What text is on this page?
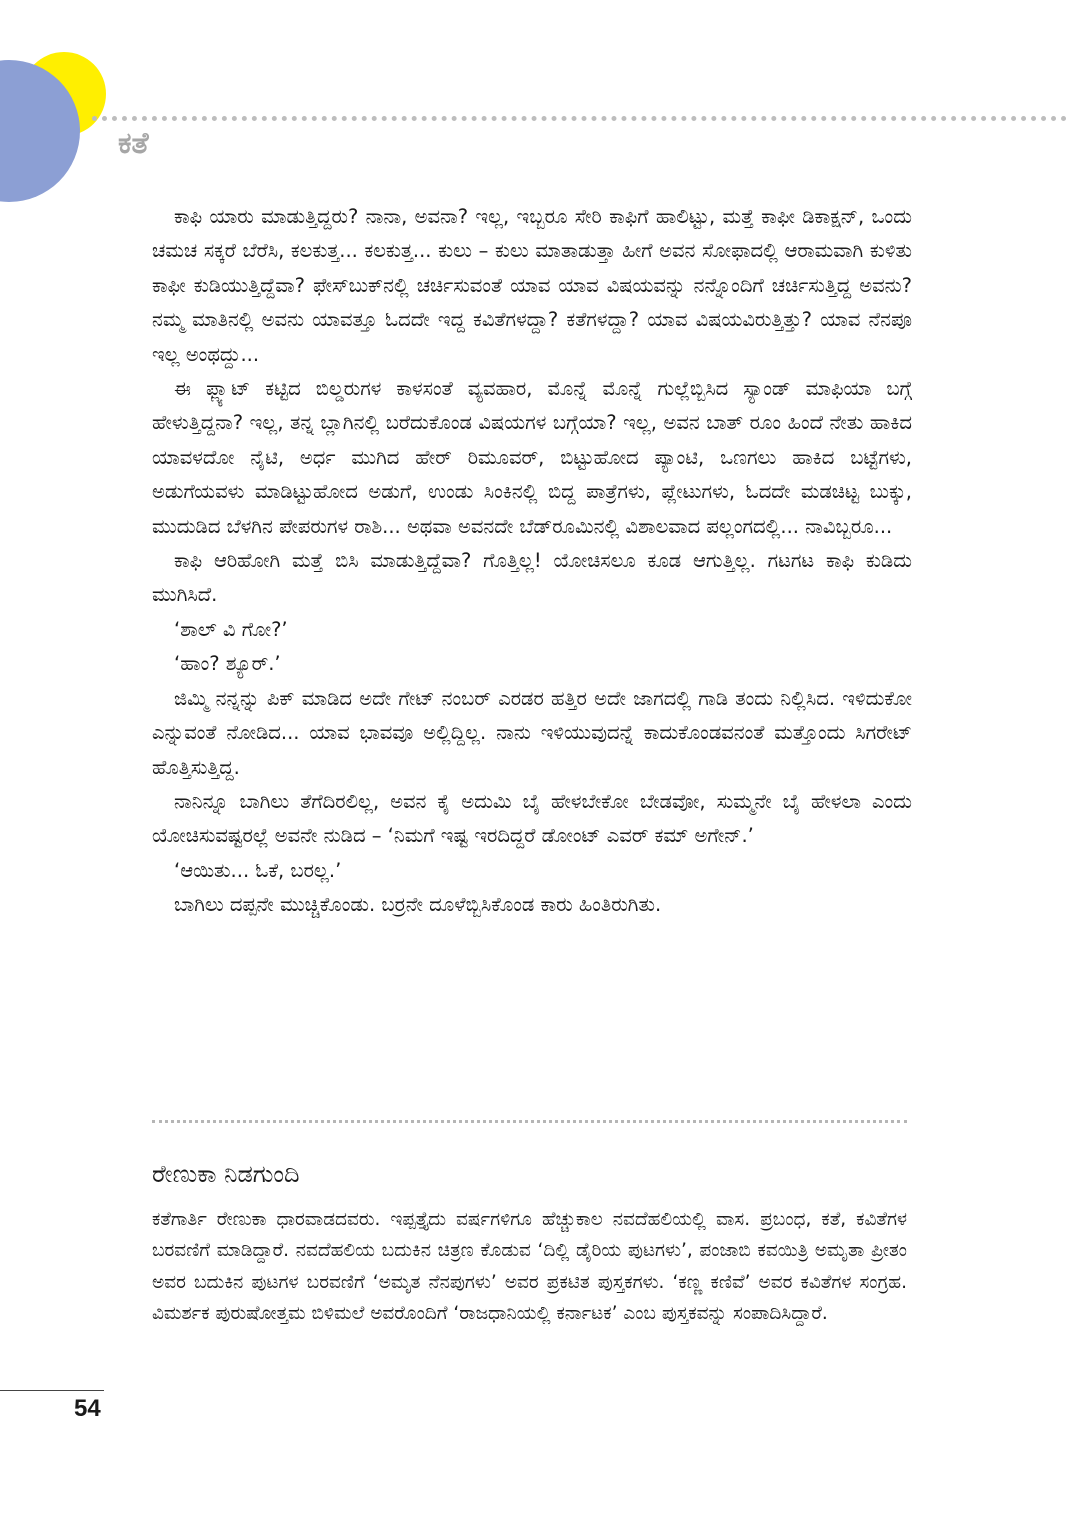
ಕತೆ

ಕಾಫಿ ಯಾರು ಮಾಡುತ್ತಿದ್ದರು? ನಾನಾ, ಅವನಾ? ಇಲ್ಲ, ಇಬ್ಬರೂ ಸೇರಿ ಕಾಫಿಗೆ ಹಾಲಿಟ್ಟು, ಮತ್ತೆ ಕಾಫೀ ಡಿಕಾಕ್ಷನ್, ಒಂದು ಚಮಚ ಸಕ್ಕರೆ ಬೆರೆಸಿ, ಕಲಕುತ್ತ... ಕಲಕುತ್ತ... ಕುಲು – ಕುಲು ಮಾತಾಡುತ್ತಾ ಹೀಗೆ ಅವನ ಸೋಫಾದಲ್ಲಿ ಆರಾಮವಾಗಿ ಕುಳಿತು ಕಾಫೀ ಕುಡಿಯುತ್ತಿದ್ದೆವಾ? ಫೇಸ್‌ಬುಕ್‌ನಲ್ಲಿ ಚರ್ಚಿಸುವಂತೆ ಯಾವ ಯಾವ ವಿಷಯವನ್ನು ನನ್ನೊಂದಿಗೆ ಚರ್ಚಿಸುತ್ತಿದ್ದ ಅವನು? ನಮ್ಮ ಮಾತಿನಲ್ಲಿ ಅವನು ಯಾವತ್ತೂ ಓದದೇ ಇದ್ದ ಕವಿತೆಗಳದ್ದಾ? ಕತೆಗಳದ್ದಾ? ಯಾವ ವಿಷಯವಿರುತ್ತಿತ್ತು? ಯಾವ ನೆನಪೂ ಇಲ್ಲ ಅಂಥದ್ದು...

ಈ ಫ್ಲ್ಯಾಟ್ ಕಟ್ಟಿದ ಬಿಲ್ಡರುಗಳ ಕಾಳಸಂತೆ ವ್ಯವಹಾರ, ಮೊನ್ನೆ ಮೊನ್ನೆ ಗುಲ್ಲೆಬ್ಬಿಸಿದ ಸ್ಯಾಂಡ್ ಮಾಫಿಯಾ ಬಗ್ಗೆ ಹೇಳುತ್ತಿದ್ದನಾ? ಇಲ್ಲ, ತನ್ನ ಬ್ಲಾಗಿನಲ್ಲಿ ಬರೆದುಕೊಂಡ ವಿಷಯಗಳ ಬಗ್ಗೆಯಾ? ಇಲ್ಲ, ಅವನ ಬಾತ್ ರೂಂ ಹಿಂದೆ ನೇತು ಹಾಕಿದ ಯಾವಳದೋ ನೈಟಿ, ಅರ್ಧ ಮುಗಿದ ಹೇರ್ ರಿಮೂವರ್, ಬಿಟ್ಟುಹೋದ ಪ್ಯಾಂಟಿ, ಒಣಗಲು ಹಾಕಿದ ಬಟ್ಟೆಗಳು, ಅಡುಗೆಯವಳು ಮಾಡಿಟ್ಟುಹೋದ ಅಡುಗೆ, ಉಂಡು ಸಿಂಕಿನಲ್ಲಿ ಬಿದ್ದ ಪಾತ್ರೆಗಳು, ಪ್ಲೇಟುಗಳು, ಓದದೇ ಮಡಚಿಟ್ಟ ಬುಕ್ಕು, ಮುದುಡಿದ ಬೆಳಗಿನ ಪೇಪರುಗಳ ರಾಶಿ... ಅಥವಾ ಅವನದೇ ಬೆಡ್‌ರೂಮಿನಲ್ಲಿ ವಿಶಾಲವಾದ ಪಲ್ಲಂಗದಲ್ಲಿ... ನಾವಿಬ್ಬರೂ...

ಕಾಫಿ ಆರಿಹೋಗಿ ಮತ್ತೆ ಬಿಸಿ ಮಾಡುತ್ತಿದ್ದೆವಾ? ಗೊತ್ತಿಲ್ಲ! ಯೋಚಿಸಲೂ ಕೂಡ ಆಗುತ್ತಿಲ್ಲ. ಗಟಗಟ ಕಾಫಿ ಕುಡಿದು ಮುಗಿಸಿದೆ.

‘ಶಾಲ್ ವಿ ಗೋ?’

‘ಹಾಂ? ಶ್ಯೂರ್.’

ಜಿಮ್ಮಿ ನನ್ನನ್ನು ಪಿಕ್ ಮಾಡಿದ ಅದೇ ಗೇಟ್ ನಂಬರ್ ಎರಡರ ಹತ್ತಿರ ಅದೇ ಜಾಗದಲ್ಲಿ ಗಾಡಿ ತಂದು ನಿಲ್ಲಿಸಿದ. ಇಳಿದುಕೋ ಎನ್ನುವಂತೆ ನೋಡಿದ... ಯಾವ ಭಾವವೂ ಅಲ್ಲಿದ್ದಿಲ್ಲ. ನಾನು ಇಳಿಯುವುದನ್ನೆ ಕಾದುಕೊಂಡವನಂತೆ ಮತ್ತೊಂದು ಸಿಗರೇಟ್ ಹೊತ್ತಿಸುತ್ತಿದ್ದ.

ನಾನಿನ್ನೂ ಬಾಗಿಲು ತೆಗೆದಿರಲಿಲ್ಲ, ಅವನ ಕೈ ಅದುಮಿ ಬೈ ಹೇಳಬೇಕೋ ಬೇಡವೋ, ಸುಮ್ಮನೇ ಬೈ ಹೇಳಲಾ ಎಂದು ಯೋಚಿಸುವಷ್ಟರಲ್ಲೆ ಅವನೇ ನುಡಿದ – ‘ನಿಮಗೆ ಇಷ್ಟ ಇರದಿದ್ದರೆ ಡೋಂಟ್ ಎವರ್ ಕಮ್ ಅಗೇನ್.’

‘ಆಯಿತು... ಓಕೆ, ಬರಲ್ಲ.’

ಬಾಗಿಲು ದಪ್ಪನೇ ಮುಚ್ಚಿಕೊಂಡು. ಬರ್ರನೇ ದೂಳೆಬ್ಬಿಸಿಕೊಂಡ ಕಾರು ಹಿಂತಿರುಗಿತು.

ರೇಣುಕಾ ನಿಡಗುಂದಿ

ಕತೆಗಾರ್ತಿ ರೇಣುಕಾ ಧಾರವಾಡದವರು. ಇಪ್ಪತ್ತೈದು ವರ್ಷಗಳಿಗೂ ಹೆಚ್ಚುಕಾಲ ನವದೆಹಲಿಯಲ್ಲಿ ವಾಸ. ಪ್ರಬಂಧ, ಕತೆ, ಕವಿತೆಗಳ ಬರವಣಿಗೆ ಮಾಡಿದ್ದಾರೆ. ನವದೆಹಲಿಯ ಬದುಕಿನ ಚಿತ್ರಣ ಕೊಡುವ ‘ದಿಲ್ಲಿ ಡೈರಿಯ ಪುಟಗಳು’, ಪಂಜಾಬಿ ಕವಯಿತ್ರಿ ಅಮೃತಾ ಪ್ರೀತಂ ಅವರ ಬದುಕಿನ ಪುಟಗಳ ಬರವಣಿಗೆ ‘ಅಮೃತ ನೆನಪುಗಳು’ ಅವರ ಪ್ರಕಟಿತ ಪುಸ್ತಕಗಳು. ‘ಕಣ್ಣ ಕಣಿವೆ’ ಅವರ ಕವಿತೆಗಳ ಸಂಗ್ರಹ. ವಿಮರ್ಶಕ ಪುರುಷೋತ್ತಮ ಬಿಳಿಮಲೆ ಅವರೊಂದಿಗೆ ‘ರಾಜಧಾನಿಯಲ್ಲಿ ಕರ್ನಾಟಕ’ ಎಂಬ ಪುಸ್ತಕವನ್ನು ಸಂಪಾದಿಸಿದ್ದಾರೆ.

54
